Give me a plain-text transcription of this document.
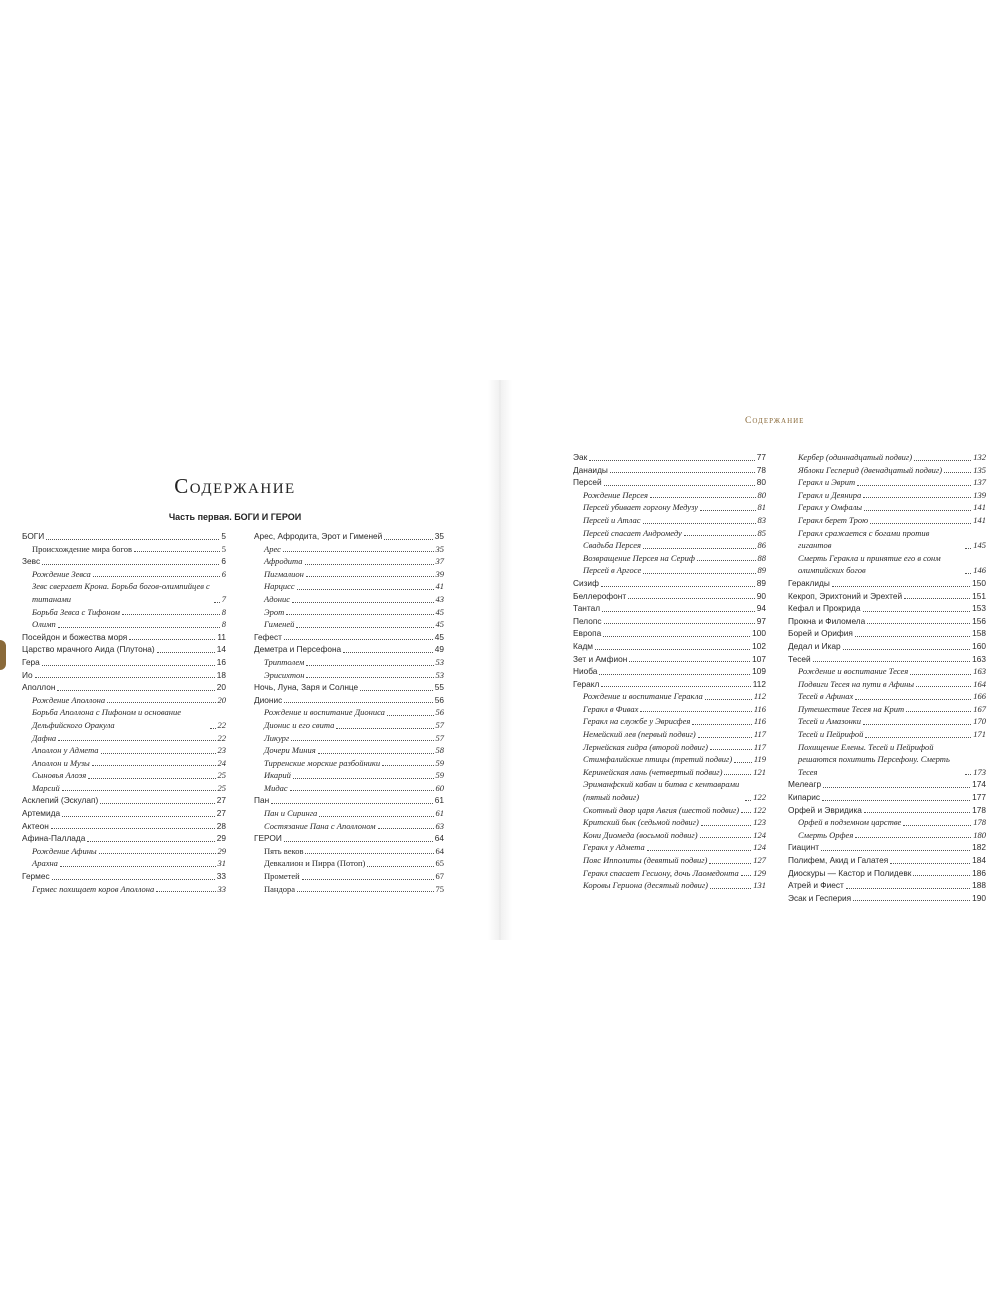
Содержание
Часть первая. БОГИ И ГЕРОИ
БОГИ	5
Происхождение мира богов	5
Зевс	6
Рождение Зевса	6
Зевс свергает Крона. Борьба богов-олимпийцев с титанами	7
Борьба Зевса с Тифоном	8
Олимп	8
Посейдон и божества моря	11
Царство мрачного Аида (Плутона)	14
Гера	16
Ио	18
Аполлон	20
Рождение Аполлона	20
Борьба Аполлона с Пифоном и основание Дельфийского Оракула	22
Дафна	22
Аполлон у Адмета	23
Аполлон и Музы	24
Сыновья Алоэя	25
Марсий	25
Асклепий (Эскулап)	27
Артемида	27
Актеон	28
Афина-Паллада	29
Рождение Афины	29
Арахна	31
Гермес	33
Гермес похищает коров Аполлона	33
Арес, Афродита, Эрот и Гименей	35
Арес	35
Афродита	37
Пигмалион	39
Нарцисс	41
Адонис	43
Эрот	45
Гименей	45
Гефест	45
Деметра и Персефона	49
Триптолем	53
Эрисихтон	53
Ночь, Луна, Заря и Солнце	55
Дионис	56
Рождение и воспитание Диониса	56
Дионис и его свита	57
Ликург	57
Дочери Миния	58
Тирренские морские разбойники	59
Икарий	59
Мидас	60
Пан	61
Пан и Сиринга	61
Состязание Пана с Аполлоном	63
ГЕРОИ	64
Пять веков	64
Девкалион и Пирра (Потоп)	65
Прометей	67
Пандора	75
Содержание
Эак	77
Данаиды	78
Персей	80
Рождение Персея	80
Персей убивает горгону Медузу	81
Персей и Атлас	83
Персей спасает Андромеду	85
Свадьба Персея	86
Возвращение Персея на Сериф	88
Персей в Аргосе	89
Сизиф	89
Беллерофонт	90
Тантал	94
Пелопс	97
Европа	100
Кадм	102
Зет и Амфион	107
Ниоба	109
Геракл	112
Рождение и воспитание Геракла	112
Геракл в Фивах	116
Геракл на службе у Эврисфея	116
Немейский лев (первый подвиг)	117
Лернейская гидра (второй подвиг)	117
Стимфалийские птицы (третий подвиг)	119
Керинейская лань (четвертый подвиг)	121
Эриманфский кабан и битва с кентаврами (пятый подвиг)	122
Скотный двор царя Авгия (шестой подвиг) 122
Критский бык (седьмой подвиг)	123
Кони Диомеда (восьмой подвиг)	124
Геракл у Адмета	124
Пояс Ипполиты (девятый подвиг)	127
Геракл спасает Гесиону, дочь Лаомедонта 129
Коровы Гериона (десятый подвиг)	131
Кербер (одиннадцатый подвиг)	132
Яблоки Гесперид (двенадцатый подвиг)	135
Геракл и Эврит	137
Геракл и Деянира	139
Геракл у Омфалы	141
Геракл берет Трою	141
Геракл сражается с богами против гигантов	145
Смерть Геракла и принятие его в сонм олимпийских богов	146
Гераклиды	150
Кекроп, Эрихтоний и Эрехтей	151
Кефал и Прокрида	153
Прокна и Филомела	156
Борей и Орифия	158
Дедал и Икар	160
Тесей	163
Рождение и воспитание Тесея	163
Подвиги Тесея на пути в Афины	164
Тесей в Афинах	166
Путешествие Тесея на Крит	167
Тесей и Амазонки	170
Тесей и Пейрифой	171
Похищение Елены. Тесей и Пейрифой решаются похитить Персефону. Смерть Тесея	173
Мелеагр	174
Кипарис	177
Орфей и Эвридика	178
Орфей в подземном царстве	178
Смерть Орфея	180
Гиацинт	182
Полифем, Акид и Галатея	184
Диоскуры — Кастор и Полидевк	186
Атрей и Фиест	188
Эсак и Гесперия	190
